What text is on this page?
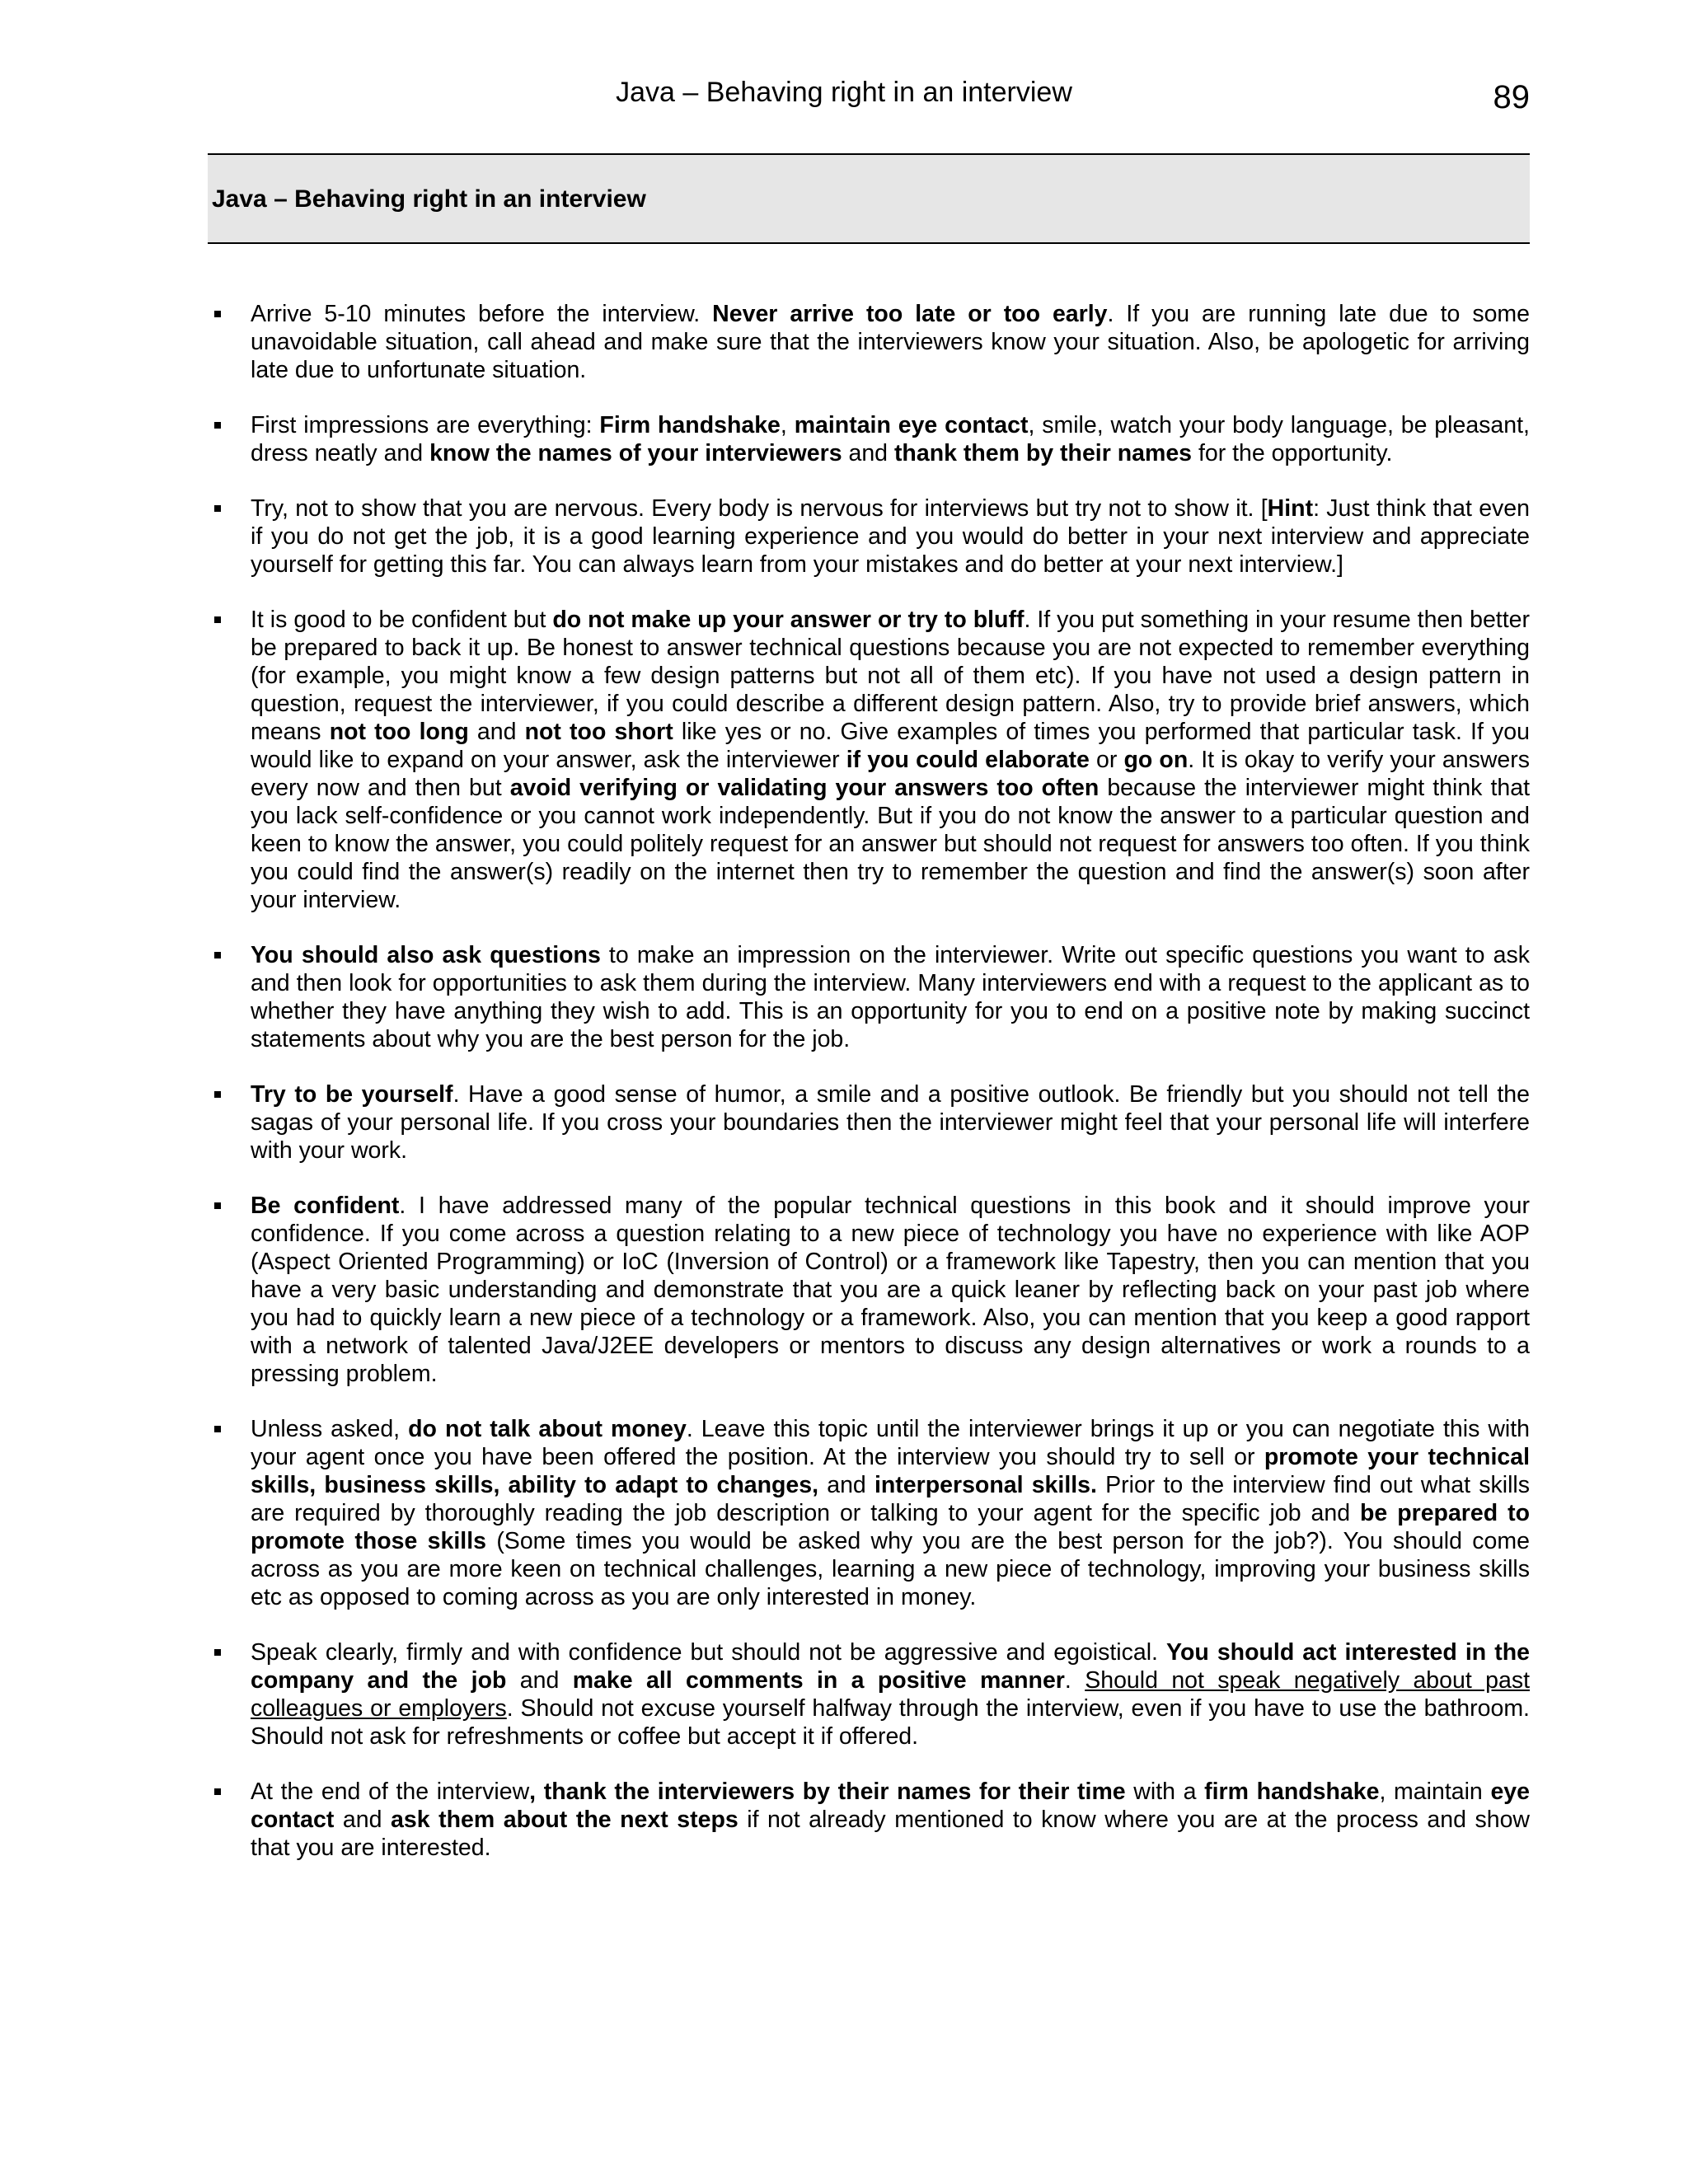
Java – Behaving right in an interview	89
Java – Behaving right in an interview
Arrive 5-10 minutes before the interview. Never arrive too late or too early. If you are running late due to some unavoidable situation, call ahead and make sure that the interviewers know your situation. Also, be apologetic for arriving late due to unfortunate situation.
First impressions are everything: Firm handshake, maintain eye contact, smile, watch your body language, be pleasant, dress neatly and know the names of your interviewers and thank them by their names for the opportunity.
Try, not to show that you are nervous. Every body is nervous for interviews but try not to show it. [Hint: Just think that even if you do not get the job, it is a good learning experience and you would do better in your next interview and appreciate yourself for getting this far. You can always learn from your mistakes and do better at your next interview.]
It is good to be confident but do not make up your answer or try to bluff. If you put something in your resume then better be prepared to back it up. Be honest to answer technical questions because you are not expected to remember everything (for example, you might know a few design patterns but not all of them etc). If you have not used a design pattern in question, request the interviewer, if you could describe a different design pattern. Also, try to provide brief answers, which means not too long and not too short like yes or no. Give examples of times you performed that particular task. If you would like to expand on your answer, ask the interviewer if you could elaborate or go on. It is okay to verify your answers every now and then but avoid verifying or validating your answers too often because the interviewer might think that you lack self-confidence or you cannot work independently. But if you do not know the answer to a particular question and keen to know the answer, you could politely request for an answer but should not request for answers too often. If you think you could find the answer(s) readily on the internet then try to remember the question and find the answer(s) soon after your interview.
You should also ask questions to make an impression on the interviewer. Write out specific questions you want to ask and then look for opportunities to ask them during the interview. Many interviewers end with a request to the applicant as to whether they have anything they wish to add. This is an opportunity for you to end on a positive note by making succinct statements about why you are the best person for the job.
Try to be yourself. Have a good sense of humor, a smile and a positive outlook. Be friendly but you should not tell the sagas of your personal life. If you cross your boundaries then the interviewer might feel that your personal life will interfere with your work.
Be confident. I have addressed many of the popular technical questions in this book and it should improve your confidence. If you come across a question relating to a new piece of technology you have no experience with like AOP (Aspect Oriented Programming) or IoC (Inversion of Control) or a framework like Tapestry, then you can mention that you have a very basic understanding and demonstrate that you are a quick leaner by reflecting back on your past job where you had to quickly learn a new piece of a technology or a framework. Also, you can mention that you keep a good rapport with a network of talented Java/J2EE developers or mentors to discuss any design alternatives or work a rounds to a pressing problem.
Unless asked, do not talk about money. Leave this topic until the interviewer brings it up or you can negotiate this with your agent once you have been offered the position. At the interview you should try to sell or promote your technical skills, business skills, ability to adapt to changes, and interpersonal skills. Prior to the interview find out what skills are required by thoroughly reading the job description or talking to your agent for the specific job and be prepared to promote those skills (Some times you would be asked why you are the best person for the job?). You should come across as you are more keen on technical challenges, learning a new piece of technology, improving your business skills etc as opposed to coming across as you are only interested in money.
Speak clearly, firmly and with confidence but should not be aggressive and egoistical. You should act interested in the company and the job and make all comments in a positive manner. Should not speak negatively about past colleagues or employers. Should not excuse yourself halfway through the interview, even if you have to use the bathroom. Should not ask for refreshments or coffee but accept it if offered.
At the end of the interview, thank the interviewers by their names for their time with a firm handshake, maintain eye contact and ask them about the next steps if not already mentioned to know where you are at the process and show that you are interested.
